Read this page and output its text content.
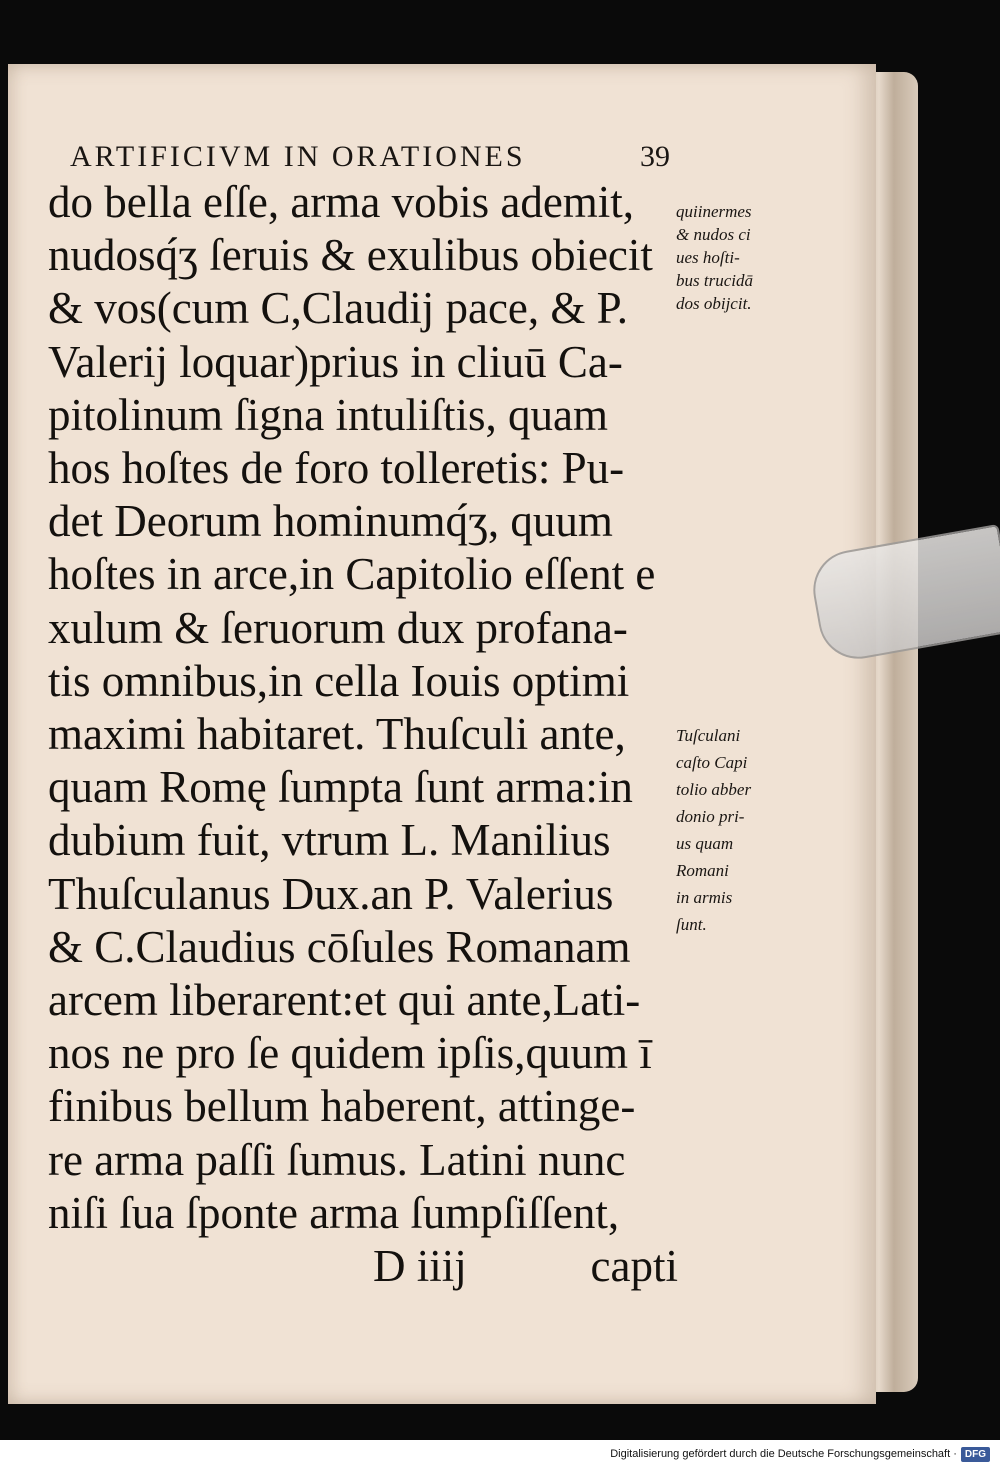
ARTIFICIVM IN ORATIONES	39
do bella eſſe, arma vobis ademit,
nudosq́ʒ ſeruis & exulibus obiecit
& vos(cum C,Claudij pace, & P.
Valerij loquar)prius in cliuū Ca-
pitolinum ſigna intuliſtis, quam
hos hoſtes de foro tolleretis: Pu-
det Deorum hominumq́ʒ, quum
hoſtes in arce,in Capitolio eſſent e
xulum & ſeruorum dux profana-
tis omnibus,in cella Iouis optimi
maximi habitaret. Thuſculi ante,
quam Romę ſumpta ſunt arma:in
dubium fuit, vtrum L. Manilius
Thuſculanus Dux.an P. Valerius
& C.Claudius cōſules Romanam
arcem liberarent:et qui ante,Lati-
nos ne pro ſe quidem ipſis,quum ī
finibus bellum haberent, attinge-
re arma paſſi ſumus. Latini nunc
niſi ſua ſponte arma ſumpſiſſent,
D iiij	capti
quiinermes
& nudos ci
ues hoſti-
bus trucidā
dos obijcit.
Tuſculani
caſto Capi
tolio abber
donio pri-
us quam
Romani
in armis
ſunt.
Digitalisierung gefördert durch die Deutsche Forschungsgemeinschaft · DFG
